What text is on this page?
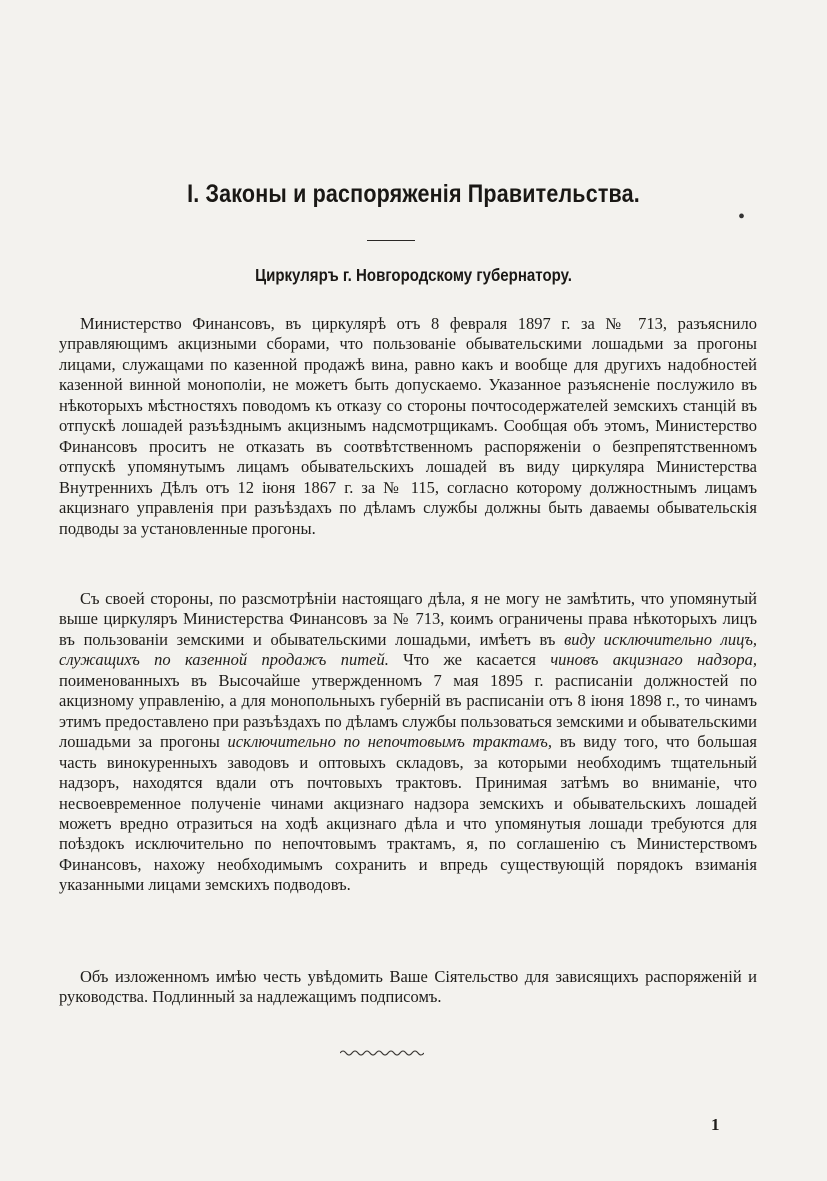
I. Законы и распоряженія Правительства.
•
Циркуляръ г. Новгородскому губернатору.

Министерство Финансовъ, въ циркулярѣ отъ 8 февраля 1897 г. за № 713, разъяснило управляющимъ акцизными сборами, что пользованіе обывательскими лошадьми за прогоны лицами, служащами по казенной продажѣ вина, равно какъ и вообще для другихъ надобностей казенной винной монополіи, не можетъ быть допускаемо. Указанное разъясненіе послужило въ нѣкоторыхъ мѣстностяхъ поводомъ къ отказу со стороны почтосодержателей земскихъ станцій въ отпускѣ лошадей разъѣзднымъ акцизнымъ надсмотрщикамъ. Сообщая объ этомъ, Министерство Финансовъ проситъ не отказать въ соотвѣтственномъ распоряженіи о безпрепятственномъ отпускѣ упомянутымъ лицамъ обывательскихъ лошадей въ виду циркуляра Министерства Внутреннихъ Дѣлъ отъ 12 іюня 1867 г. за № 115, согласно которому должностнымъ лицамъ акцизнаго управленія при разъѣздахъ по дѣламъ службы должны быть даваемы обывательскія подводы за установленные прогоны.

Съ своей стороны, по разсмотрѣніи настоящаго дѣла, я не могу не замѣтить, что упомянутый выше циркуляръ Министерства Финансовъ за № 713, коимъ ограничены права нѣкоторыхъ лицъ въ пользованіи земскими и обывательскими лошадьми, имѣетъ въ виду исключительно лицъ, служащихъ по казенной продажъ питей. Что же касается чиновъ акцизнаго надзора, поименованныхъ въ Высочайше утвержденномъ 7 мая 1895 г. расписаніи должностей по акцизному управленію, а для монопольныхъ губерній въ расписаніи отъ 8 іюня 1898 г., то чинамъ этимъ предоставлено при разъѣздахъ по дѣламъ службы пользоваться земскими и обывательскими лошадьми за прогоны исключительно по непочтовымъ трактамъ, въ виду того, что большая часть винокуренныхъ заводовъ и оптовыхъ складовъ, за которыми необходимъ тщательный надзоръ, находятся вдали отъ почтовыхъ трактовъ. Принимая затѣмъ во вниманіе, что несвоевременное полученіе чинами акцизнаго надзора земскихъ и обывательскихъ лошадей можетъ вредно отразиться на ходѣ акцизнаго дѣла и что упомянутыя лошади требуются для поѣздокъ исключительно по непочтовымъ трактамъ, я, по соглашенію съ Министерствомъ Финансовъ, нахожу необходимымъ сохранить и впредь существующій порядокъ взиманія указанными лицами земскихъ подводовъ.

Объ изложенномъ имѣю честь увѣдомить Ваше Сіятельство для зависящихъ распоряженій и руководства. Подлинный за надлежащимъ подписомъ.

1
